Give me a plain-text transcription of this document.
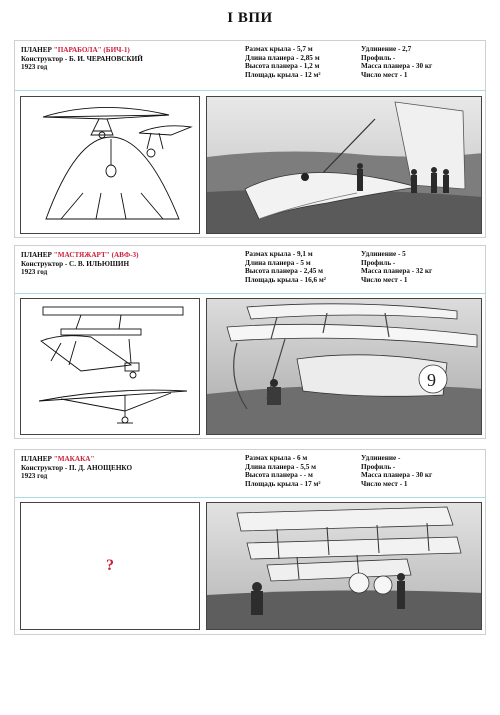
I ВПИ
ПЛАНЕР "ПАРАБОЛА" (БИЧ-1)
Конструктор - Б. И. ЧЕРАНОВСКИЙ
1923 год
Размах крыла - 5,7 м
Длина планера - 2,85 м
Высота планера - 1,2 м
Площадь крыла - 12 м²
Удлинение - 2,7
Профиль -
Масса планера - 30 кг
Число мест - 1
ПЛАНЕР "МАСТЯЖАРТ" (АВФ-3)
Конструктор - С. В. ИЛЬЮШИН
1923 год
Размах крыла - 9,1 м
Длина планера - 5 м
Высота планера - 2,45 м
Площадь крыла - 16,6 м²
Удлинение - 5
Профиль -
Масса планера - 32 кг
Число мест - 1
9
ПЛАНЕР "МАКАКА"
Конструктор - П. Д. АНОЩЕНКО
1923 год
Размах крыла - 6 м
Длина планера - 5,5 м
Высота планера - - м
Площадь крыла - 17 м²
Удлинение -
Профиль -
Масса планера - 30 кг
Число мест - 1
?
